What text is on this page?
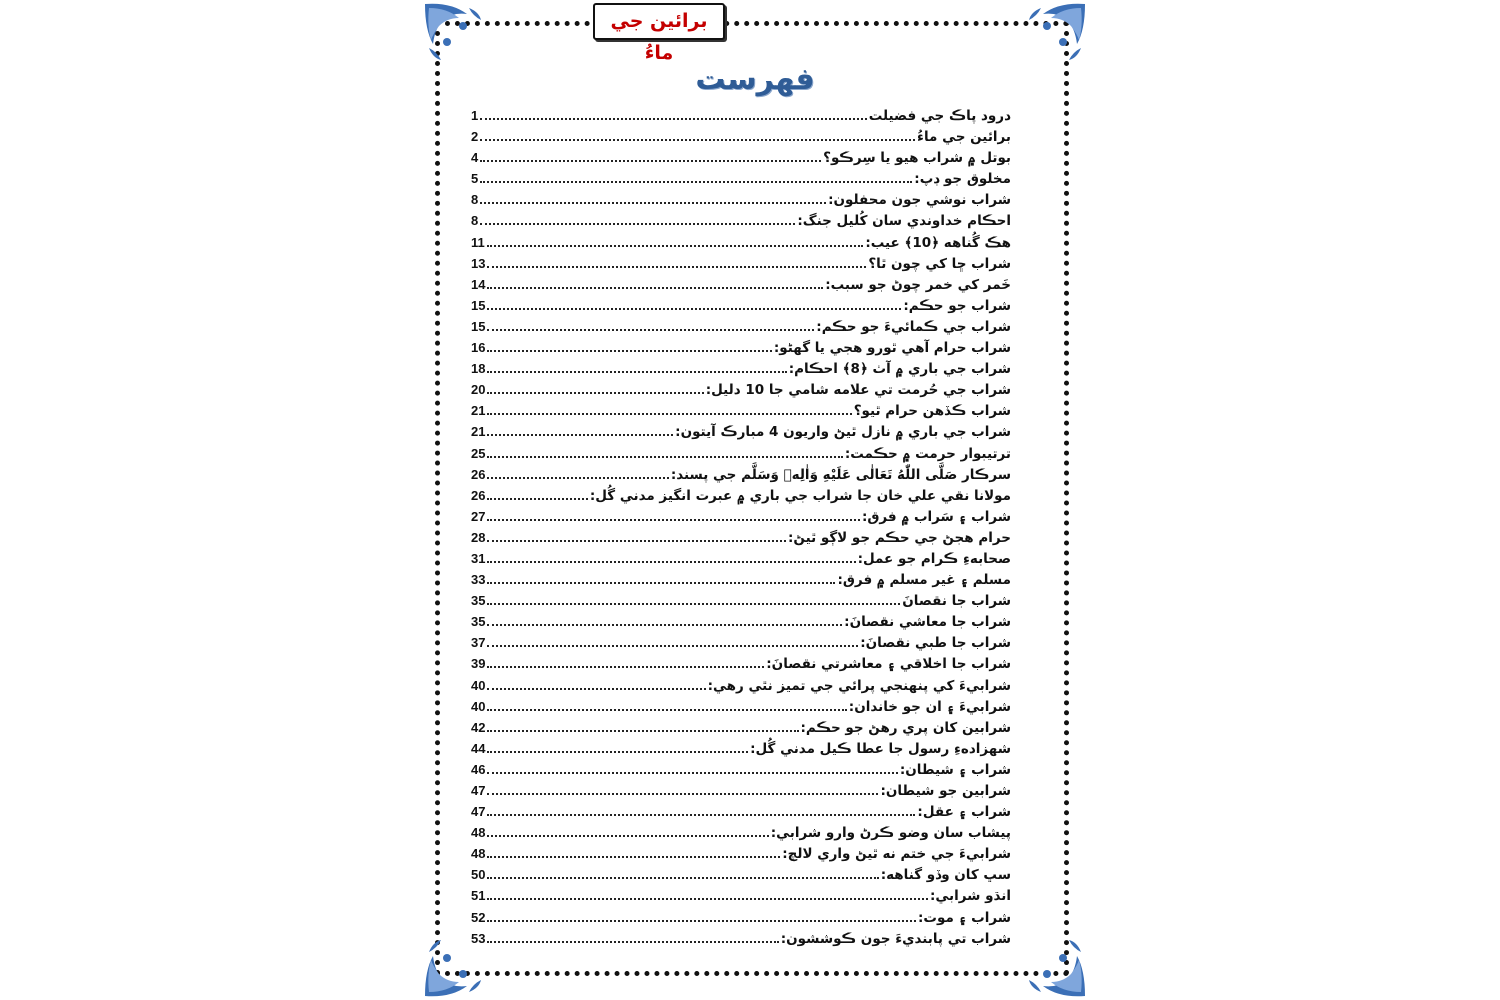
برائين جي ماءُ
فهرست
درود پاڪ جي فضيلت
1
برائين جي ماءُ
2
بوتل ۾ شراب هيو يا سِرڪو؟
4
مخلوق جو ڊپ:
5
شراب نوشي جون محفلون:
8
احڪام خداوندي سان کُليل جنگ:
8
هڪ گُناهه ﴿10﴾ عيب:
11
شراب ڇا کي چون ٿا؟
13
خَمر کي خمر چوڻ جو سبب:
14
شراب جو حڪم:
15
شراب جي ڪمائيءَ جو حڪم:
15
شراب حرام آهي ٿورو هجي يا گهڻو:
16
شراب جي باري ۾ آٺ ﴿8﴾ احڪام:
18
شراب جي حُرمت تي علامه شامي جا 10 دليل:
20
شراب ڪڏهن حرام ٿيو؟
21
شراب جي باري ۾ نازل ٿيڻ واريون 4 مبارڪ آيتون:
21
ترتيبوار حرمت ۾ حڪمت:
25
سرڪار صَلَّی اللّٰهُ تَعَالٰی عَلَیْهِ وَاٰلِهٖ وَسَلَّم جي پسند:
26
مولانا نقي علي خان جا شراب جي باري ۾ عبرت انگيز مدني گُل:
26
شراب ۽ سَراب ۾ فرق:
27
حرام هجڻ جي حڪم جو لاڳو ٿيڻ:
28
صحابهءِ ڪرام جو عمل:
31
مسلم ۽ غير مسلم ۾ فرق:
33
شراب جا نقصانَ
35
شراب جا معاشي نقصانَ:
35
شراب جا طبي نقصانَ:
37
شراب جا اخلاقي ۽ معاشرتي نقصانَ:
39
شرابيءَ کي پنهنجي پرائي جي تميز نٿي رهي:
40
شرابيءَ ۽ ان جو خاندان:
40
شرابين کان پري رهڻ جو حڪم:
42
شهزادهءِ رسول جا عطا ڪيل مدني گُل:
44
شراب ۽ شيطان:
46
شرابين جو شيطان:
47
شراب ۽ عقل:
47
پيشاب سان وضو ڪرڻ وارو شرابي:
48
شرابيءَ جي ختم نه ٿيڻ واري لالچ:
48
سڀ کان وڏو گناهه:
50
انڌو شرابي:
51
شراب ۽ موت:
52
شراب تي پابنديءَ جون ڪوششون:
53
